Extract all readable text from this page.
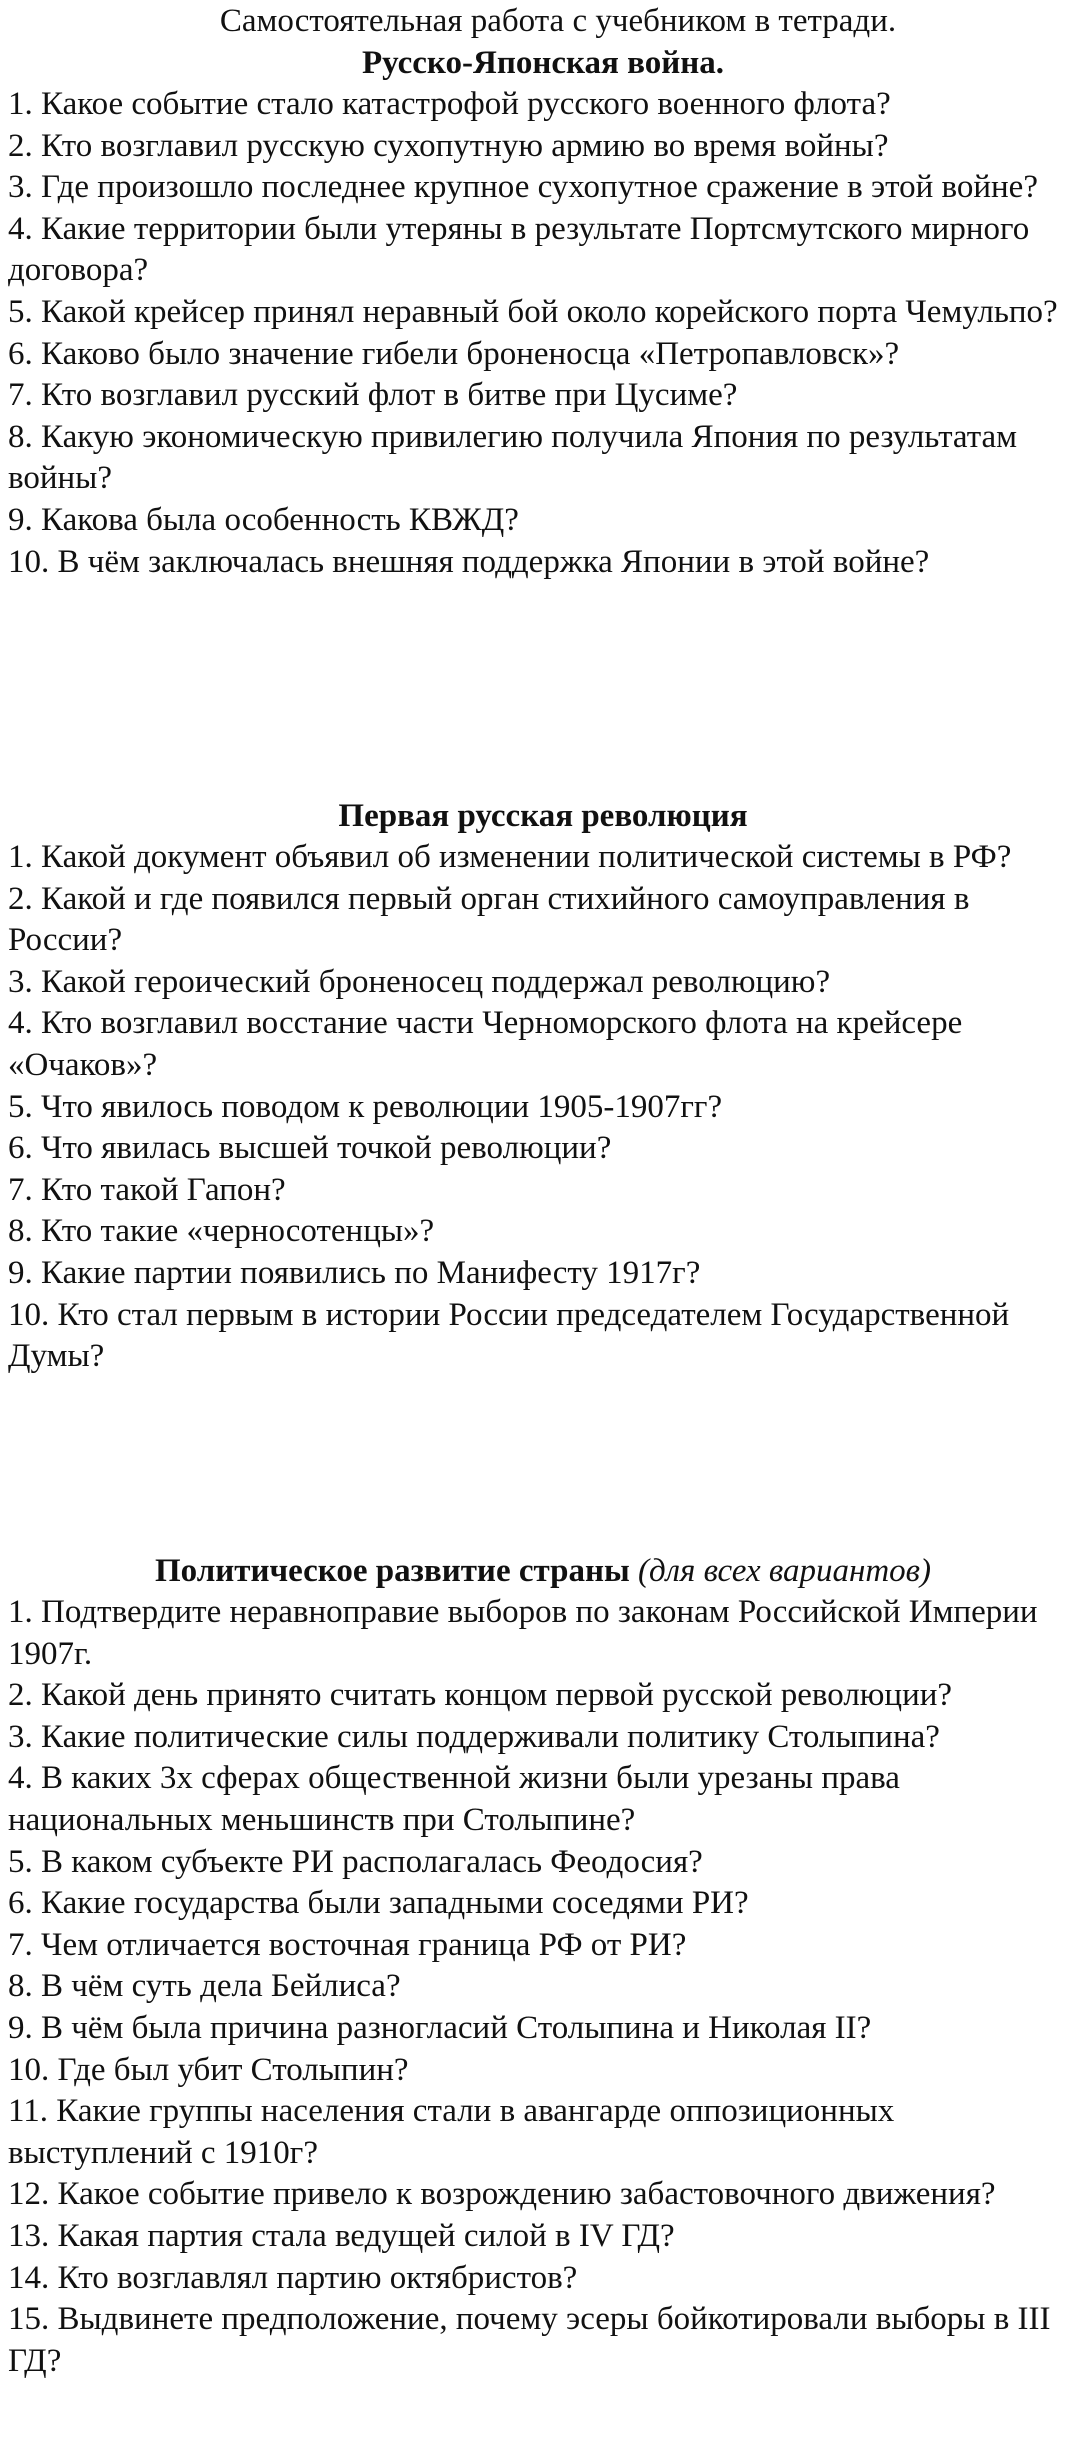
Самостоятельная работа с учебником в тетради.

Русско-Японская война.
1. Какое событие стало катастрофой русского военного флота?
2. Кто возглавил русскую сухопутную армию во время войны?
3. Где произошло последнее крупное сухопутное сражение в этой войне?
4. Какие территории были утеряны в результате Портсмутского мирного договора?
5. Какой крейсер принял неравный бой около корейского порта Чемульпо?
6. Каково было значение гибели броненосца «Петропавловск»?
7. Кто возглавил русский флот в битве при Цусиме?
8. Какую экономическую привилегию получила Япония по результатам войны?
9. Какова была особенность КВЖД?
10. В чём заключалась внешняя поддержка Японии в этой войне?
Первая русская революция
1. Какой документ объявил об изменении политической системы в РФ?
2. Какой и где появился первый орган стихийного самоуправления в России?
3. Какой героический броненосец поддержал революцию?
4. Кто возглавил восстание части Черноморского флота на крейсере «Очаков»?
5. Что явилось поводом к революции 1905-1907гг?
6. Что явилась высшей точкой революции?
7. Кто такой Гапон?
8. Кто такие «черносотенцы»?
9. Какие партии появились по Манифесту 1917г?
10. Кто стал первым в истории России председателем Государственной Думы?
Политическое развитие страны (для всех вариантов)
1. Подтвердите неравноправие выборов по законам Российской Империи 1907г.
2. Какой день принято считать концом первой русской революции?
3. Какие политические силы поддерживали политику Столыпина?
4. В каких 3х сферах общественной жизни были урезаны права национальных меньшинств при Столыпине?
5. В каком субъекте РИ располагалась Феодосия?
6. Какие государства были западными соседями РИ?
7. Чем отличается восточная граница РФ от РИ?
8. В чём суть дела Бейлиса?
9. В чём была причина разногласий Столыпина и Николая II?
10. Где был убит Столыпин?
11. Какие группы населения стали в авангарде оппозиционных выступлений с 1910г?
12. Какое событие привело к возрождению забастовочного движения?
13. Какая партия стала ведущей силой в IV ГД?
14. Кто возглавлял партию октябристов?
15. Выдвинете предположение, почему эсеры бойкотировали выборы в III ГД?
